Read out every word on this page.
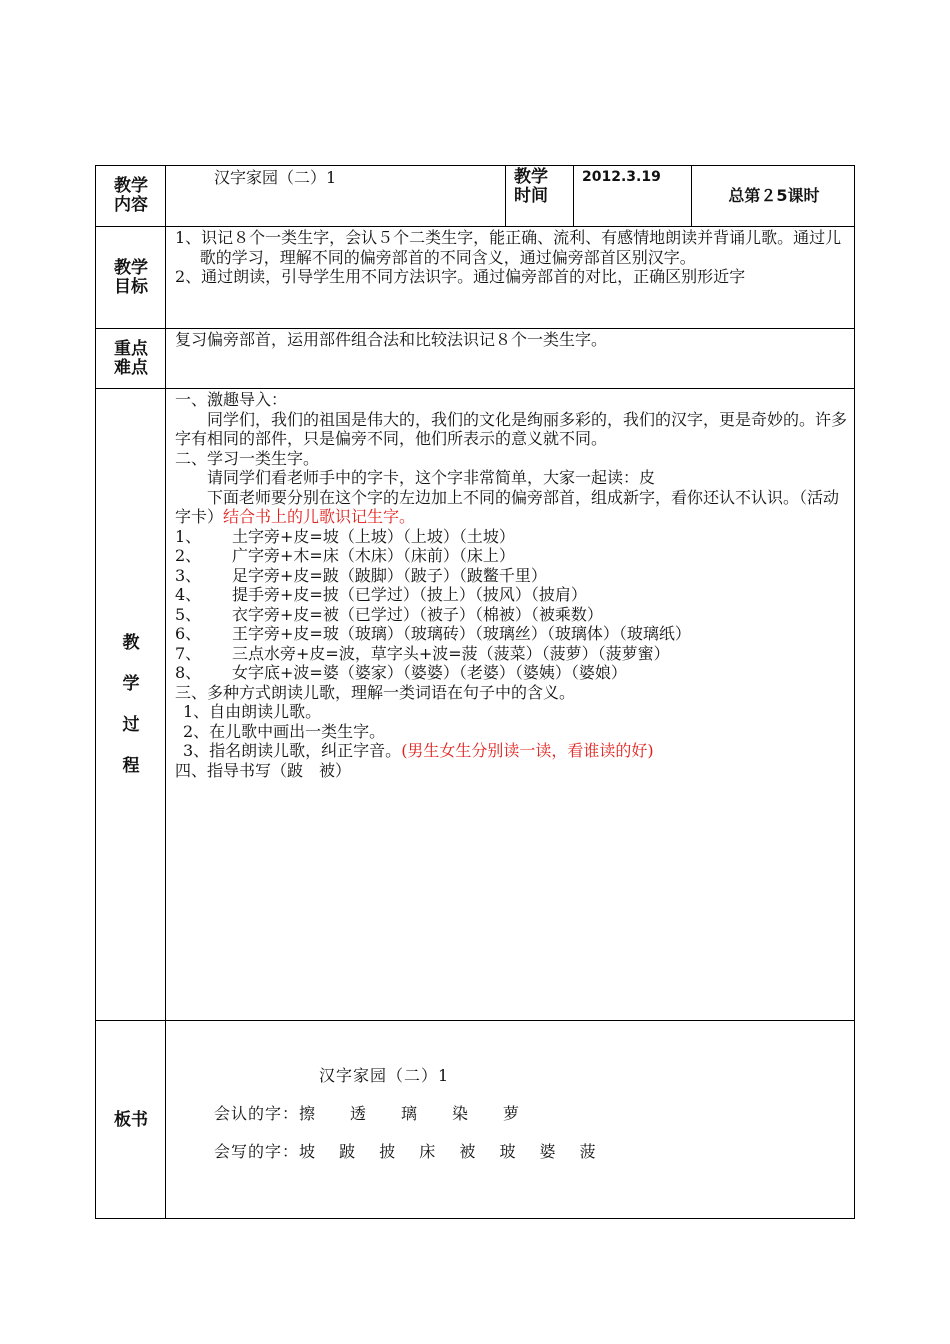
教学
内容
汉字家园（二）1	教学
时间
2012.3.19
总第２5课时
教学
目标
1、识记８个一类生字，会认５个二类生字，能正确、流利、有感情地朗读并背诵儿歌。通过儿歌的学习，理解不同的偏旁部首的不同含义，通过偏旁部首区别汉字。
2、通过朗读，引导学生用不同方法识字。通过偏旁部首的对比，正确区别形近字
重点
难点
复习偏旁部首，运用部件组合法和比较法识记８个一类生字。
教
学
过
程
一、激趣导入：
同学们，我们的祖国是伟大的，我们的文化是绚丽多彩的，我们的汉字，更是奇妙的。许多字有相同的部件，只是偏旁不同，他们所表示的意义就不同。
二、学习一类生字。
请同学们看老师手中的字卡，这个字非常简单，大家一起读：皮
下面老师要分别在这个字的左边加上不同的偏旁部首，组成新字，看你还认不认识。（活动字卡）结合书上的儿歌识记生字。
1、 土字旁+皮=坡（上坡）（上坡）（土坡）
2、 广字旁+木=床（木床）（床前）（床上）
3、 足字旁+皮=跛（跛脚）（跛子）（跛鳖千里）
4、 提手旁+皮=披（已学过）（披上）（披风）（披肩）
5、 衣字旁+皮=被（已学过）（被子）（棉被）（被乘数）
6、 王字旁+皮=玻（玻璃）（玻璃砖）（玻璃丝）（玻璃体）（玻璃纸）
7、 三点水旁+皮=波，草字头+波=菠（菠菜）（菠萝）（菠萝蜜）
8、 女字底+波=婆（婆家）（婆婆）（老婆）（婆姨）（婆娘）
三、多种方式朗读儿歌，理解一类词语在句子中的含义。
1、自由朗读儿歌。
2、在儿歌中画出一类生字。
3、指名朗读儿歌，纠正字音。(男生女生分别读一读，看谁读的好)
四、指导书写（跛　被）
板书
汉字家园（二）1
会认的字：擦　　透　　璃　　染　　萝
会写的字：坡　 跛　 披　 床　 被　 玻　 婆　 菠
